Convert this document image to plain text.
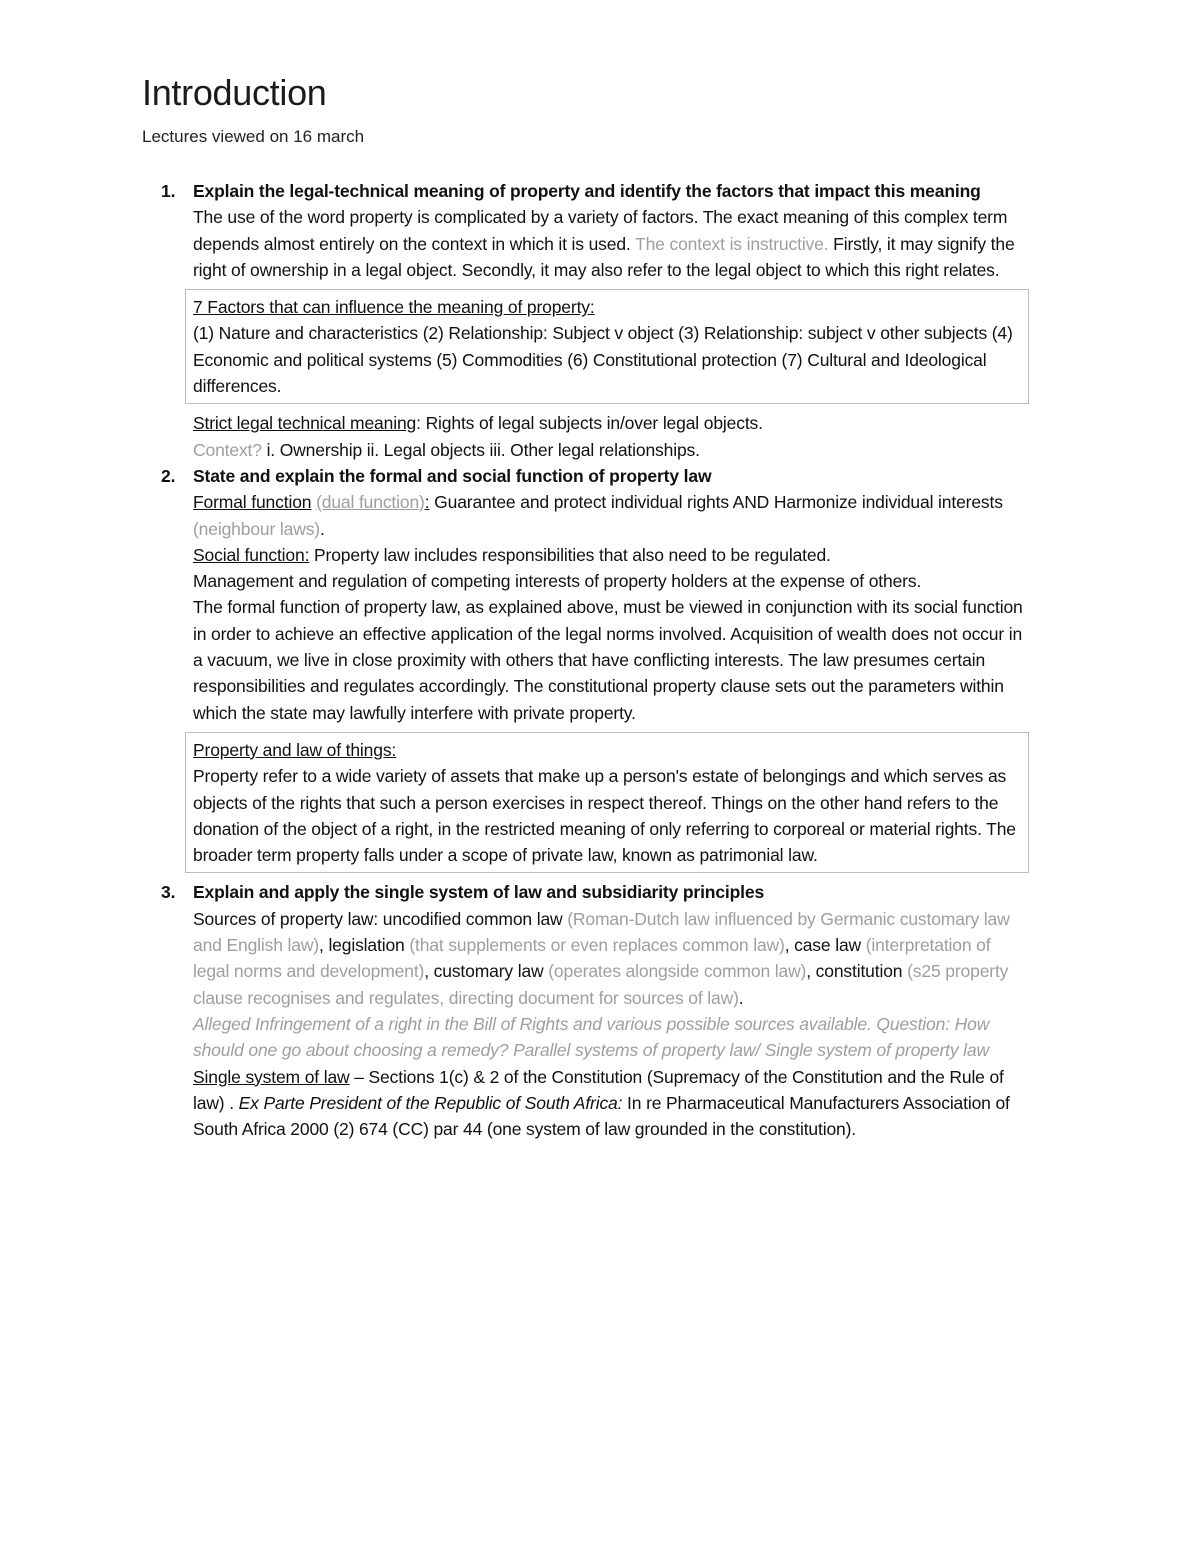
Introduction

Lectures viewed on 16 march

1. Explain the legal-technical meaning of property and identify the factors that impact this meaning

The use of the word property is complicated by a variety of factors. The exact meaning of this complex term depends almost entirely on the context in which it is used. The context is instructive. Firstly, it may signify the right of ownership in a legal object. Secondly, it may also refer to the legal object to which this right relates.

7 Factors that can influence the meaning of property:

(1) Nature and characteristics (2) Relationship: Subject v object (3) Relationship: subject v other subjects (4) Economic and political systems (5) Commodities (6) Constitutional protection (7) Cultural and Ideological differences.

Strict legal technical meaning: Rights of legal subjects in/over legal objects.

Context? i. Ownership ii. Legal objects iii. Other legal relationships.

2. State and explain the formal and social function of property law

Formal function (dual function): Guarantee and protect individual rights AND Harmonize individual interests (neighbour laws).

Social function: Property law includes responsibilities that also need to be regulated.

Management and regulation of competing interests of property holders at the expense of others.

The formal function of property law, as explained above, must be viewed in conjunction with its social function in order to achieve an effective application of the legal norms involved. Acquisition of wealth does not occur in a vacuum, we live in close proximity with others that have conflicting interests. The law presumes certain responsibilities and regulates accordingly. The constitutional property clause sets out the parameters within which the state may lawfully interfere with private property.

Property and law of things:

Property refer to a wide variety of assets that make up a person's estate of belongings and which serves as objects of the rights that such a person exercises in respect thereof. Things on the other hand refers to the donation of the object of a right, in the restricted meaning of only referring to corporeal or material rights. The broader term property falls under a scope of private law, known as patrimonial law.

3. Explain and apply the single system of law and subsidiarity principles

Sources of property law: uncodified common law (Roman-Dutch law influenced by Germanic customary law and English law), legislation (that supplements or even replaces common law), case law (interpretation of legal norms and development), customary law (operates alongside common law), constitution (s25 property clause recognises and regulates, directing document for sources of law).

Alleged Infringement of a right in the Bill of Rights and various possible sources available. Question: How should one go about choosing a remedy? Parallel systems of property law/ Single system of property law

Single system of law – Sections 1(c) & 2 of the Constitution (Supremacy of the Constitution and the Rule of law) . Ex Parte President of the Republic of South Africa: In re Pharmaceutical Manufacturers Association of South Africa 2000 (2) 674 (CC) par 44 (one system of law grounded in the constitution).
